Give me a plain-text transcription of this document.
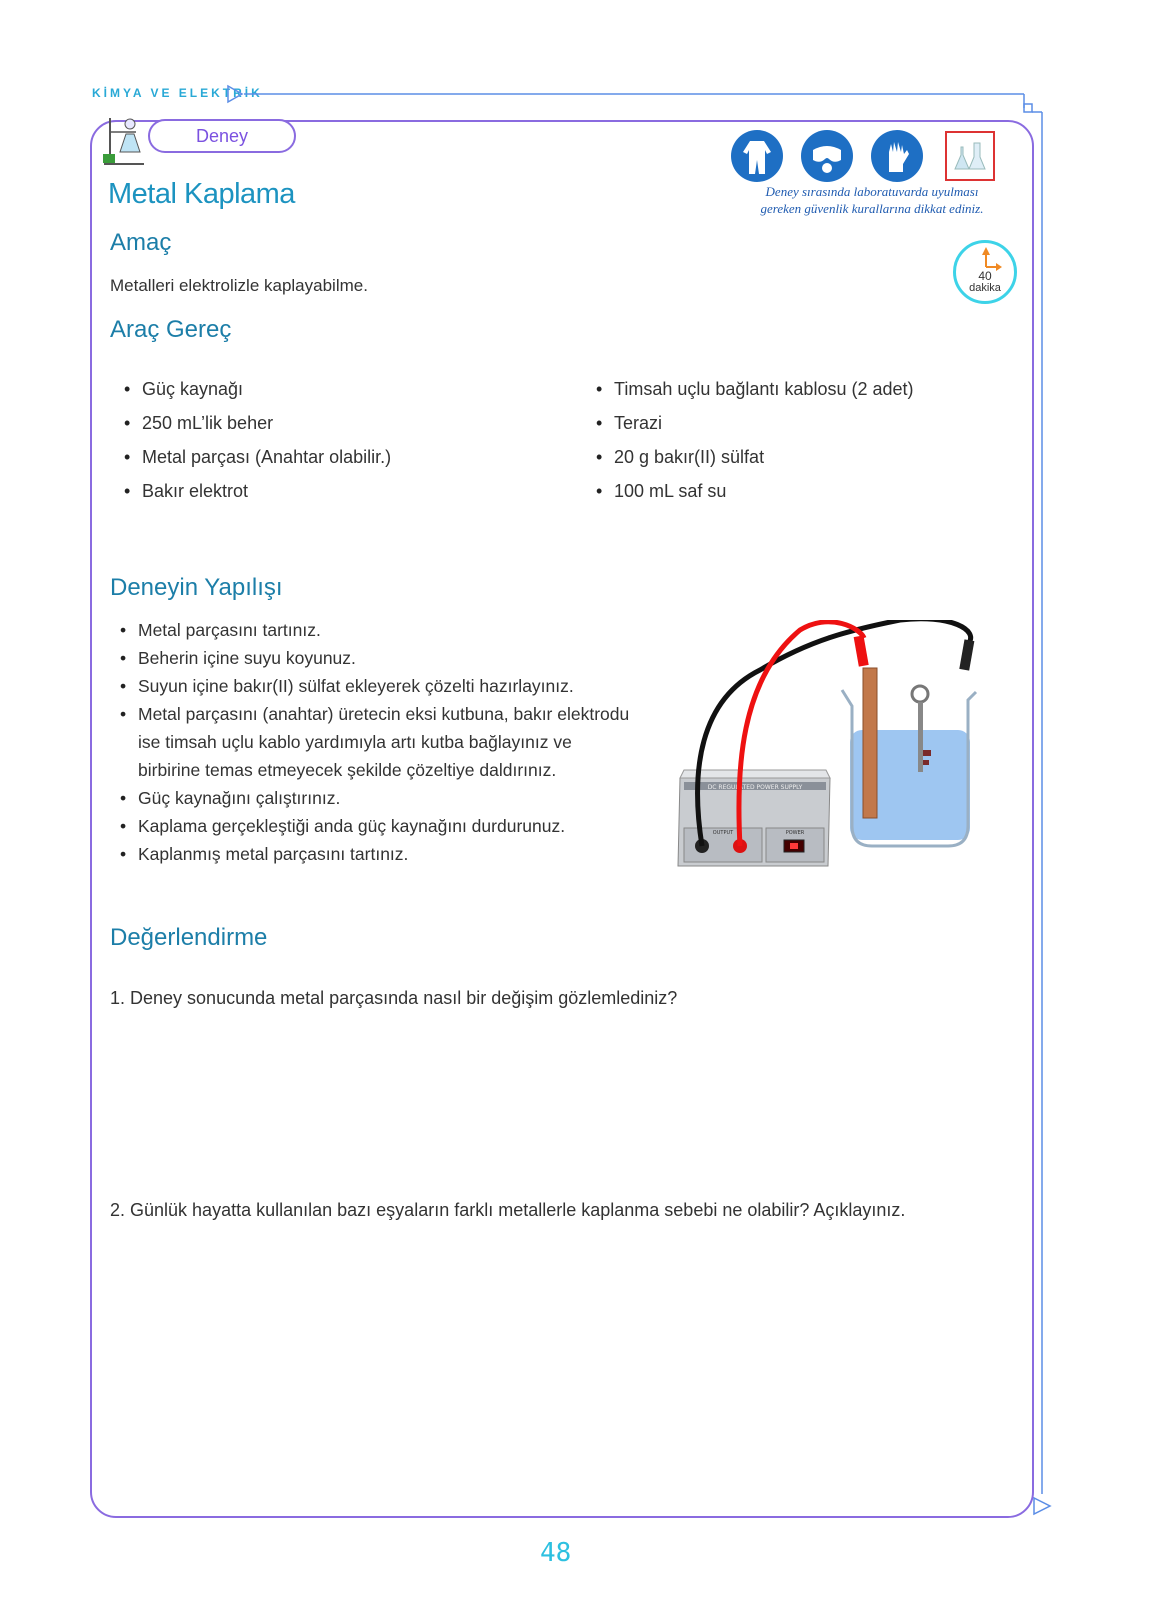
KİMYA VE ELEKTRİK
Deney
Metal Kaplama	Deney sırasında laboratuvarda uyulması
gereken güvenlik kurallarına dikkat ediniz.
40
dakika
Amaç
Metalleri elektrolizle kaplayabilme.
Araç Gereç
• Güç kaynağı
• 250 mL’lik beher
• Metal parçası (Anahtar olabilir.)
• Bakır elektrot
• Timsah uçlu bağlantı kablosu (2 adet)
• Terazi
• 20 g bakır(II) sülfat
• 100 mL saf su
Deneyin Yapılışı
• Metal parçasını tartınız.
• Beherin içine suyu koyunuz.
• Suyun içine bakır(II) sülfat ekleyerek çözelti hazırlayınız.
• Metal parçasını (anahtar) üretecin eksi kutbuna, bakır elektrodu ise timsah uçlu kablo yardımıyla artı kutba bağlayınız ve birbirine temas etmeyecek şekilde çözeltiye daldırınız.
• Güç kaynağını çalıştırınız.
• Kaplama gerçekleştiği anda güç kaynağını durdurunuz.
• Kaplanmış metal parçasını tartınız.
DC REGULATED POWER SUPPLY
OUTPUT	POWER
Değerlendirme
1. Deney sonucunda metal parçasında nasıl bir değişim gözlemlediniz?
2. Günlük hayatta kullanılan bazı eşyaların farklı metallerle kaplanma sebebi ne olabilir? Açıklayınız.
48
